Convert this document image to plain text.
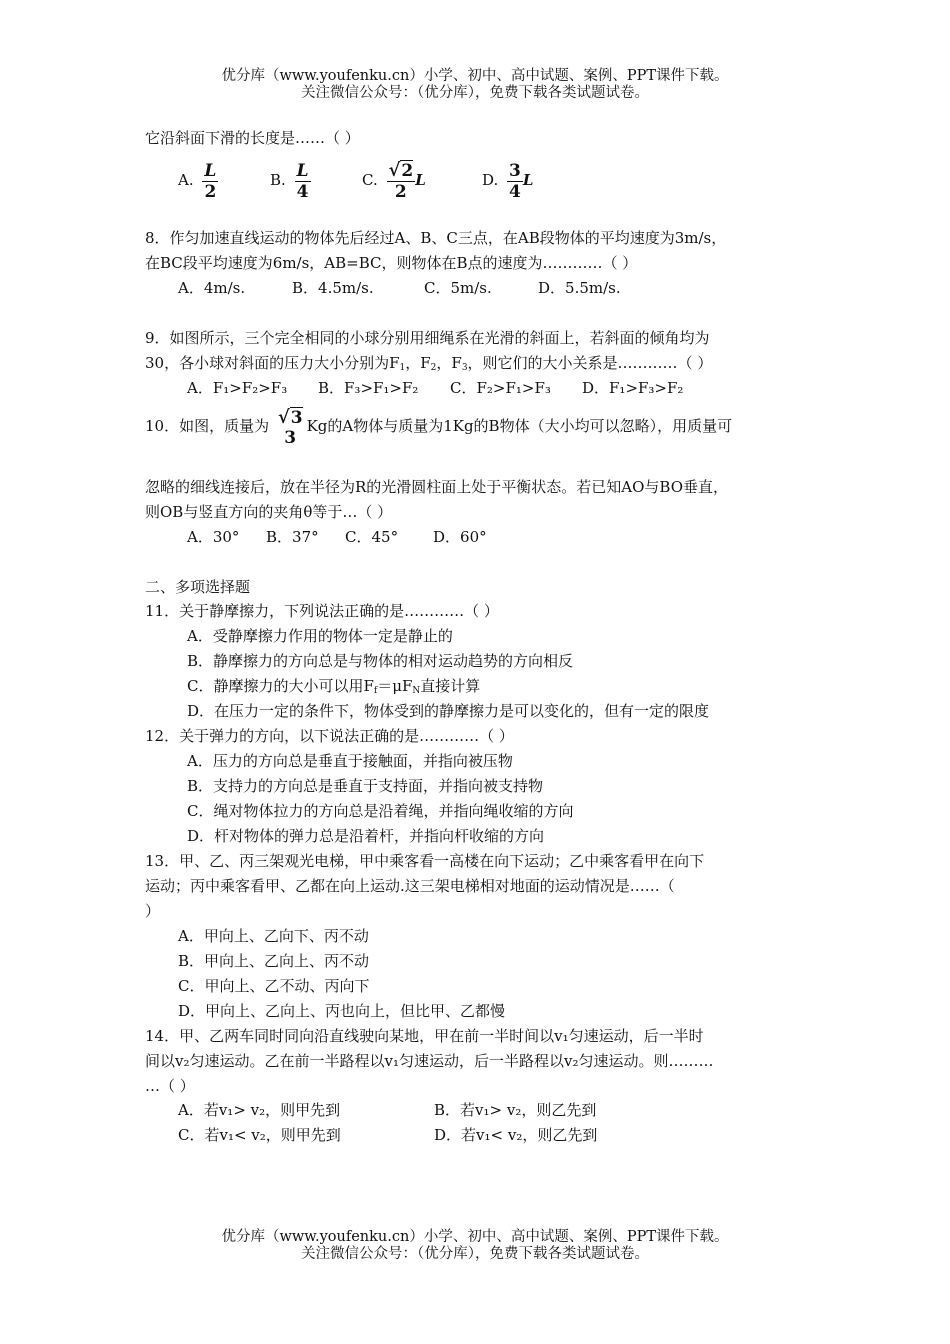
优分库（www.youfenku.cn）小学、初中、高中试题、案例、PPT课件下载。
关注微信公众号：（优分库），免费下载各类试题试卷。
它沿斜面下滑的长度是……（ ）
A. $\frac{L}{2}$	B. $\frac{L}{4}$	C. $\frac{√ 2}{2}$ L	D. $\frac{3}{4}$ L
8．作匀加速直线运动的物体先后经过A、B、C三点，在AB段物体的平均速度为3m/s，
在BC段平均速度为6m/s，AB=BC，则物体在B点的速度为…………（ ）
A．4m/s.	B．4.5m/s.	C．5m/s.	D．5.5m/s.
9．如图所示，三个完全相同的小球分别用细绳系在光滑的斜面上，若斜面的倾角均为
30，各小球对斜面的压力大小分别为$F_1$，$F_2$，$F_3$，则它们的大小关系是…………（ ）
A．F₁>F₂>F₃ B．F₃>F₁>F₂ C．F₂>F₁>F₃ D．F₁>F₃>F₂
10．如图，质量为 √ 3
3
Kg的A物体与质量为1Kg的B物体（大小均可以忽略），用质量可
忽略的细线连接后，放在半径为R的光滑圆柱面上处于平衡状态。若已知AO与BO垂直，
则OB与竖直方向的夹角θ等于…（ ）
A．30° B．37° C．45° D．60°
二、多项选择题
11．关于静摩擦力，下列说法正确的是…………（ ）
A．受静摩擦力作用的物体一定是静止的
B．静摩擦力的方向总是与物体的相对运动趋势的方向相反
C．静摩擦力的大小可以用$F_f=\mu F_N$直接计算
D．在压力一定的条件下，物体受到的静摩擦力是可以变化的，但有一定的限度
12．关于弹力的方向，以下说法正确的是…………（ ）
A．压力的方向总是垂直于接触面，并指向被压物
B．支持力的方向总是垂直于支持面，并指向被支持物
C．绳对物体拉力的方向总是沿着绳，并指向绳收缩的方向
D．杆对物体的弹力总是沿着杆，并指向杆收缩的方向
13．甲、乙、丙三架观光电梯，甲中乘客看一高楼在向下运动；乙中乘客看甲在向下
运动；丙中乘客看甲、乙都在向上运动.这三架电梯相对地面的运动情况是……（
）
A．甲向上、乙向下、丙不动
B．甲向上、乙向上、丙不动
C．甲向上、乙不动、丙向下
D．甲向上、乙向上、丙也向上，但比甲、乙都慢
14．甲、乙两车同时同向沿直线驶向某地，甲在前一半时间以v₁匀速运动，后一半时
间以v₂匀速运动。乙在前一半路程以v₁匀速运动，后一半路程以v₂匀速运动。则………
…（ ）
A．若v₁> v₂，则甲先到	B．若v₁> v₂，则乙先到
C．若v₁< v₂，则甲先到	D．若v₁< v₂，则乙先到
优分库（www.youfenku.cn）小学、初中、高中试题、案例、PPT课件下载。
关注微信公众号：（优分库），免费下载各类试题试卷。
